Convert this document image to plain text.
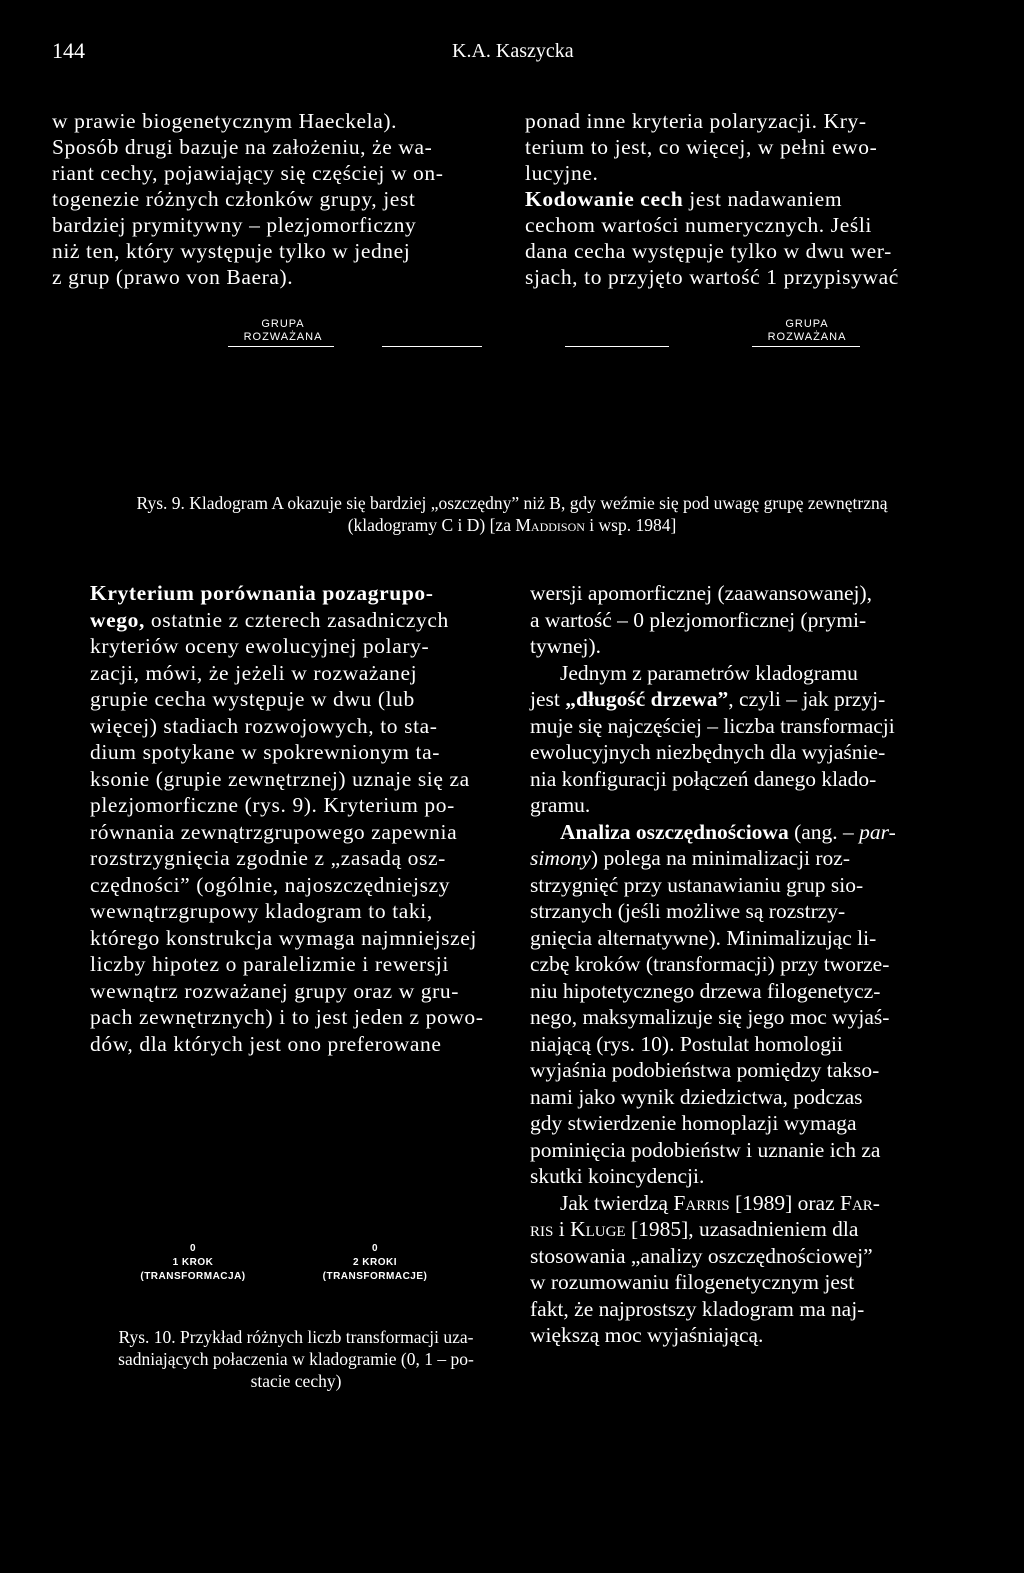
144	K.A. Kaszycka
w prawie biogenetycznym Haeckela).
Sposób drugi bazuje na założeniu, że wa-
riant cechy, pojawiający się częściej w on-
togenezie różnych członków grupy, jest
bardziej prymitywny – plezjomorficzny
niż ten, który występuje tylko w jednej
z grup (prawo von Baera).
ponad inne kryteria polaryzacji. Kry-
terium to jest, co więcej, w pełni ewo-
lucyjne.
Kodowanie cech jest nadawaniem
cechom wartości numerycznych. Jeśli
dana cecha występuje tylko w dwu wer-
sjach, to przyjęto wartość 1 przypisywać
GRUPA
ROZWAŻANA
GRUPA
ROZWAŻANA
Rys. 9. Kladogram A okazuje się bardziej „oszczędny” niż B, gdy weźmie się pod uwagę grupę zewnętrzną
(kladogramy C i D) [za Maddison i wsp. 1984]
Kryterium porównania pozagrupo-
wego, ostatnie z czterech zasadniczych
kryteriów oceny ewolucyjnej polary-
zacji, mówi, że jeżeli w rozważanej
grupie cecha występuje w dwu (lub
więcej) stadiach rozwojowych, to sta-
dium spotykane w spokrewnionym ta-
ksonie (grupie zewnętrznej) uznaje się za
plezjomorficzne (rys. 9). Kryterium po-
równania zewnątrzgrupowego zapewnia
rozstrzygnięcia zgodnie z „zasadą osz-
czędności” (ogólnie, najoszczędniejszy
wewnątrzgrupowy kladogram to taki,
którego konstrukcja wymaga najmniejszej
liczby hipotez o paralelizmie i rewersji
wewnątrz rozważanej grupy oraz w gru-
pach zewnętrznych) i to jest jeden z powo-
dów, dla których jest ono preferowane
0
1 KROK
(TRANSFORMACJA)
0
2 KROKI
(TRANSFORMACJE)
Rys. 10. Przykład różnych liczb transformacji uza-
sadniających połaczenia w kladogramie (0, 1 – po-
stacie cechy)
wersji apomorficznej (zaawansowanej),
a wartość – 0 plezjomorficznej (prymi-
tywnej).
Jednym z parametrów kladogramu
jest „długość drzewa”, czyli – jak przyj-
muje się najczęściej – liczba transformacji
ewolucyjnych niezbędnych dla wyjaśnie-
nia konfiguracji połączeń danego klado-
gramu.
Analiza oszczędnościowa (ang. – par-
simony) polega na minimalizacji roz-
strzygnięć przy ustanawianiu grup sio-
strzanych (jeśli możliwe są rozstrzy-
gnięcia alternatywne). Minimalizując li-
czbę kroków (transformacji) przy tworze-
niu hipotetycznego drzewa filogenetycz-
nego, maksymalizuje się jego moc wyjaś-
niającą (rys. 10). Postulat homologii
wyjaśnia podobieństwa pomiędzy takso-
nami jako wynik dziedzictwa, podczas
gdy stwierdzenie homoplazji wymaga
pominięcia podobieństw i uznanie ich za
skutki koincydencji.
Jak twierdzą Farris [1989] oraz Far-
ris i Kluge [1985], uzasadnieniem dla
stosowania „analizy oszczędnościowej”
w rozumowaniu filogenetycznym jest
fakt, że najprostszy kladogram ma naj-
większą moc wyjaśniającą.
